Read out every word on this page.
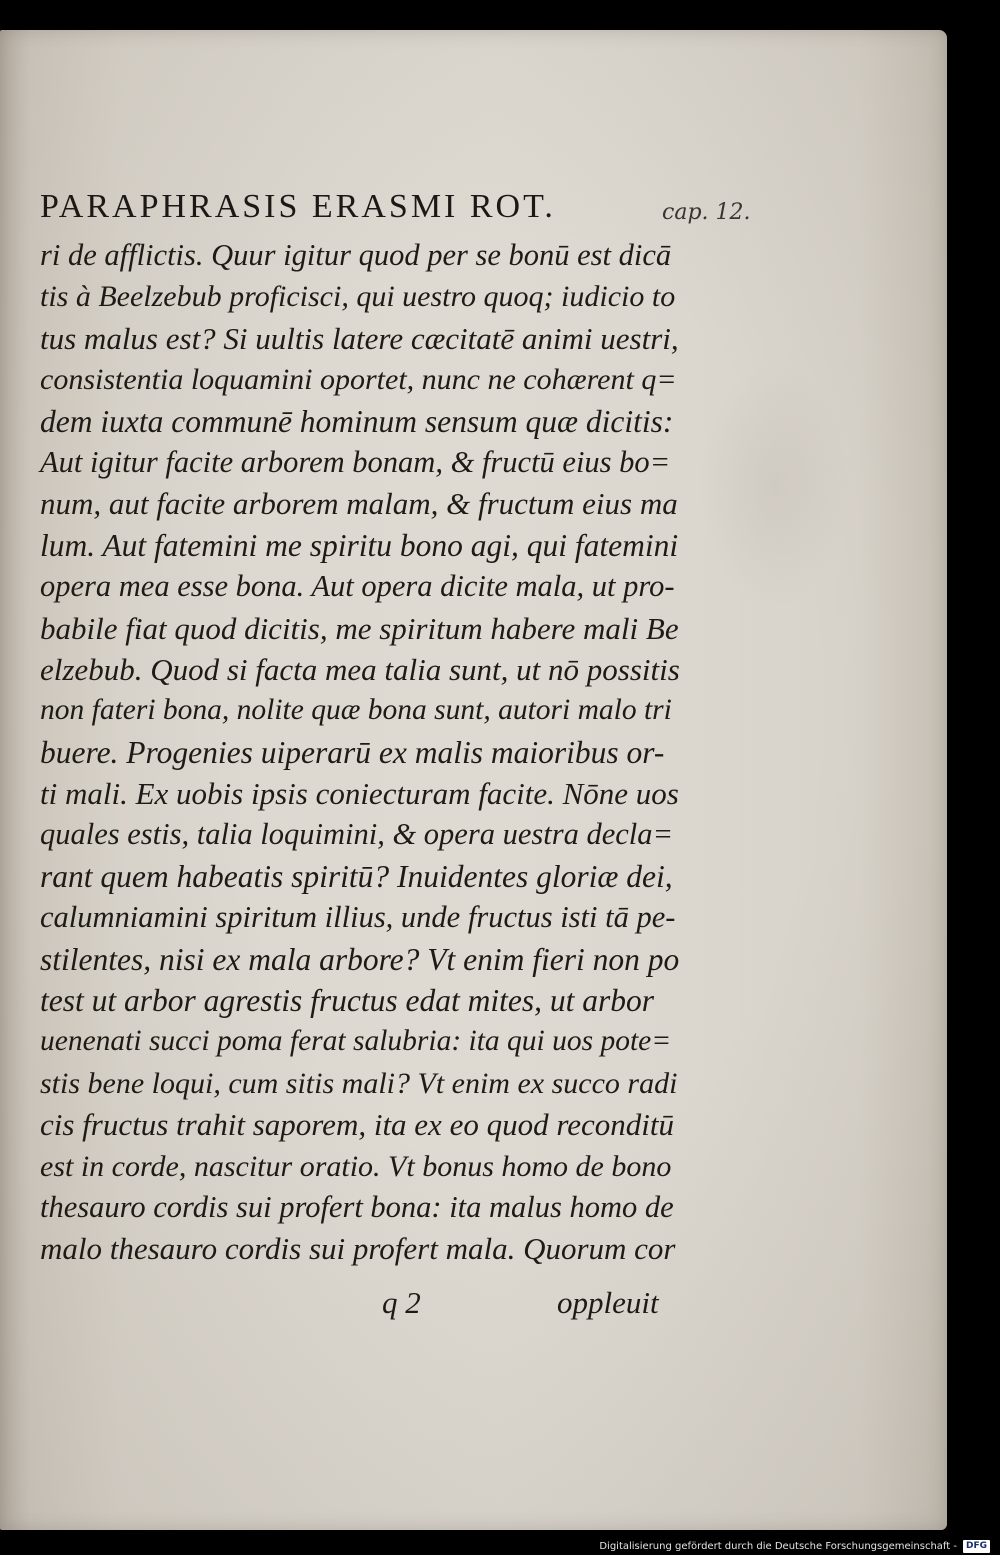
PARAPHRASIS ERASMI ROT.	cap. 12.
ri de afflictis. Quur igitur quod per se bonū est dicā
tis à Beelzebub proficisci, qui uestro quoq; iudicio to
tus malus est? Si uultis latere cæcitatē animi uestri,
consistentia loquamini oportet, nunc ne cohærent q=
dem iuxta communē hominum sensum quæ dicitis:
Aut igitur facite arborem bonam, & fructū eius bo=
num, aut facite arborem malam, & fructum eius ma
lum. Aut fatemini me spiritu bono agi, qui fatemini
opera mea esse bona. Aut opera dicite mala, ut pro-
babile fiat quod dicitis, me spiritum habere mali Be
elzebub. Quod si facta mea talia sunt, ut nō possitis
non fateri bona, nolite quæ bona sunt, autori malo tri
buere. Progenies uiperarū ex malis maioribus or-
ti mali. Ex uobis ipsis coniecturam facite. Nōne uos
quales estis, talia loquimini, & opera uestra decla=
rant quem habeatis spiritū? Inuidentes gloriæ dei,
calumniamini spiritum illius, unde fructus isti tā pe-
stilentes, nisi ex mala arbore? Vt enim fieri non po
test ut arbor agrestis fructus edat mites, ut arbor
uenenati succi poma ferat salubria: ita qui uos pote=
stis bene loqui, cum sitis mali? Vt enim ex succo radi
cis fructus trahit saporem, ita ex eo quod reconditū
est in corde, nascitur oratio. Vt bonus homo de bono
thesauro cordis sui profert bona: ita malus homo de
malo thesauro cordis sui profert mala. Quorum cor
q 2	oppleuit
Digitalisierung gefördert durch die Deutsche Forschungsgemeinschaft -	DFG
